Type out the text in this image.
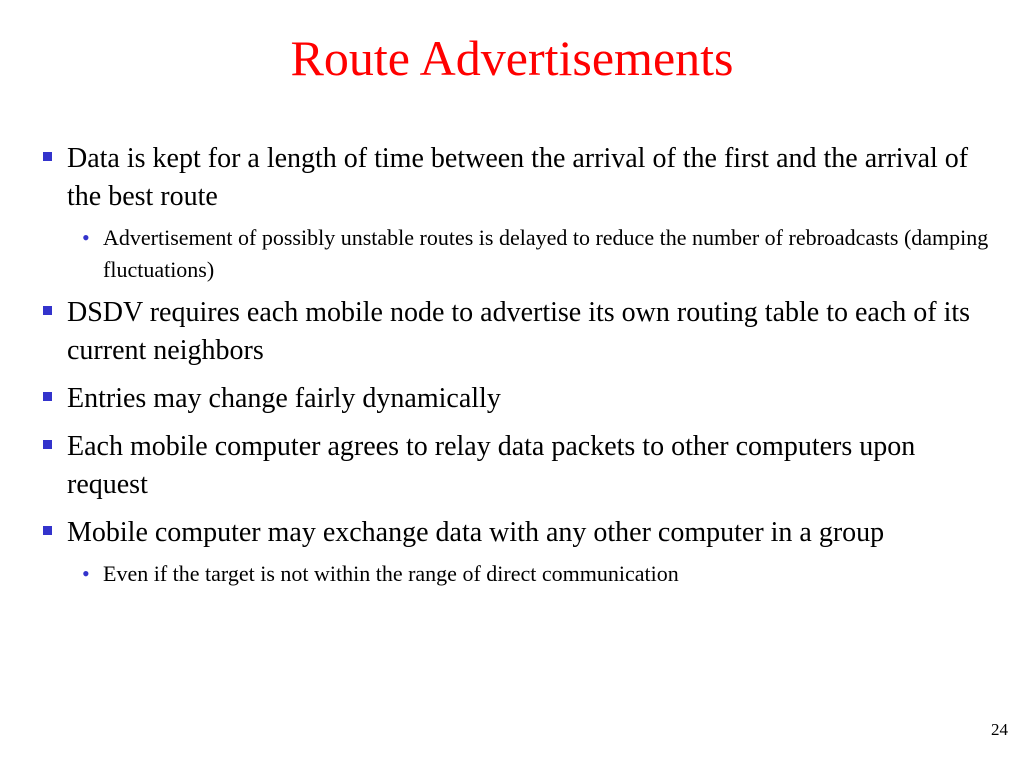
Route Advertisements
Data is kept for a length of time between the arrival of the first and the arrival of the best route
• Advertisement of possibly unstable routes is delayed to reduce the number of rebroadcasts (damping fluctuations)
DSDV requires each mobile node to advertise its own routing table to each of its current neighbors
Entries may change fairly dynamically
Each mobile computer agrees to relay data packets to other computers upon request
Mobile computer may exchange data with any other computer in a group
• Even if the target is not within the range of direct communication
24
